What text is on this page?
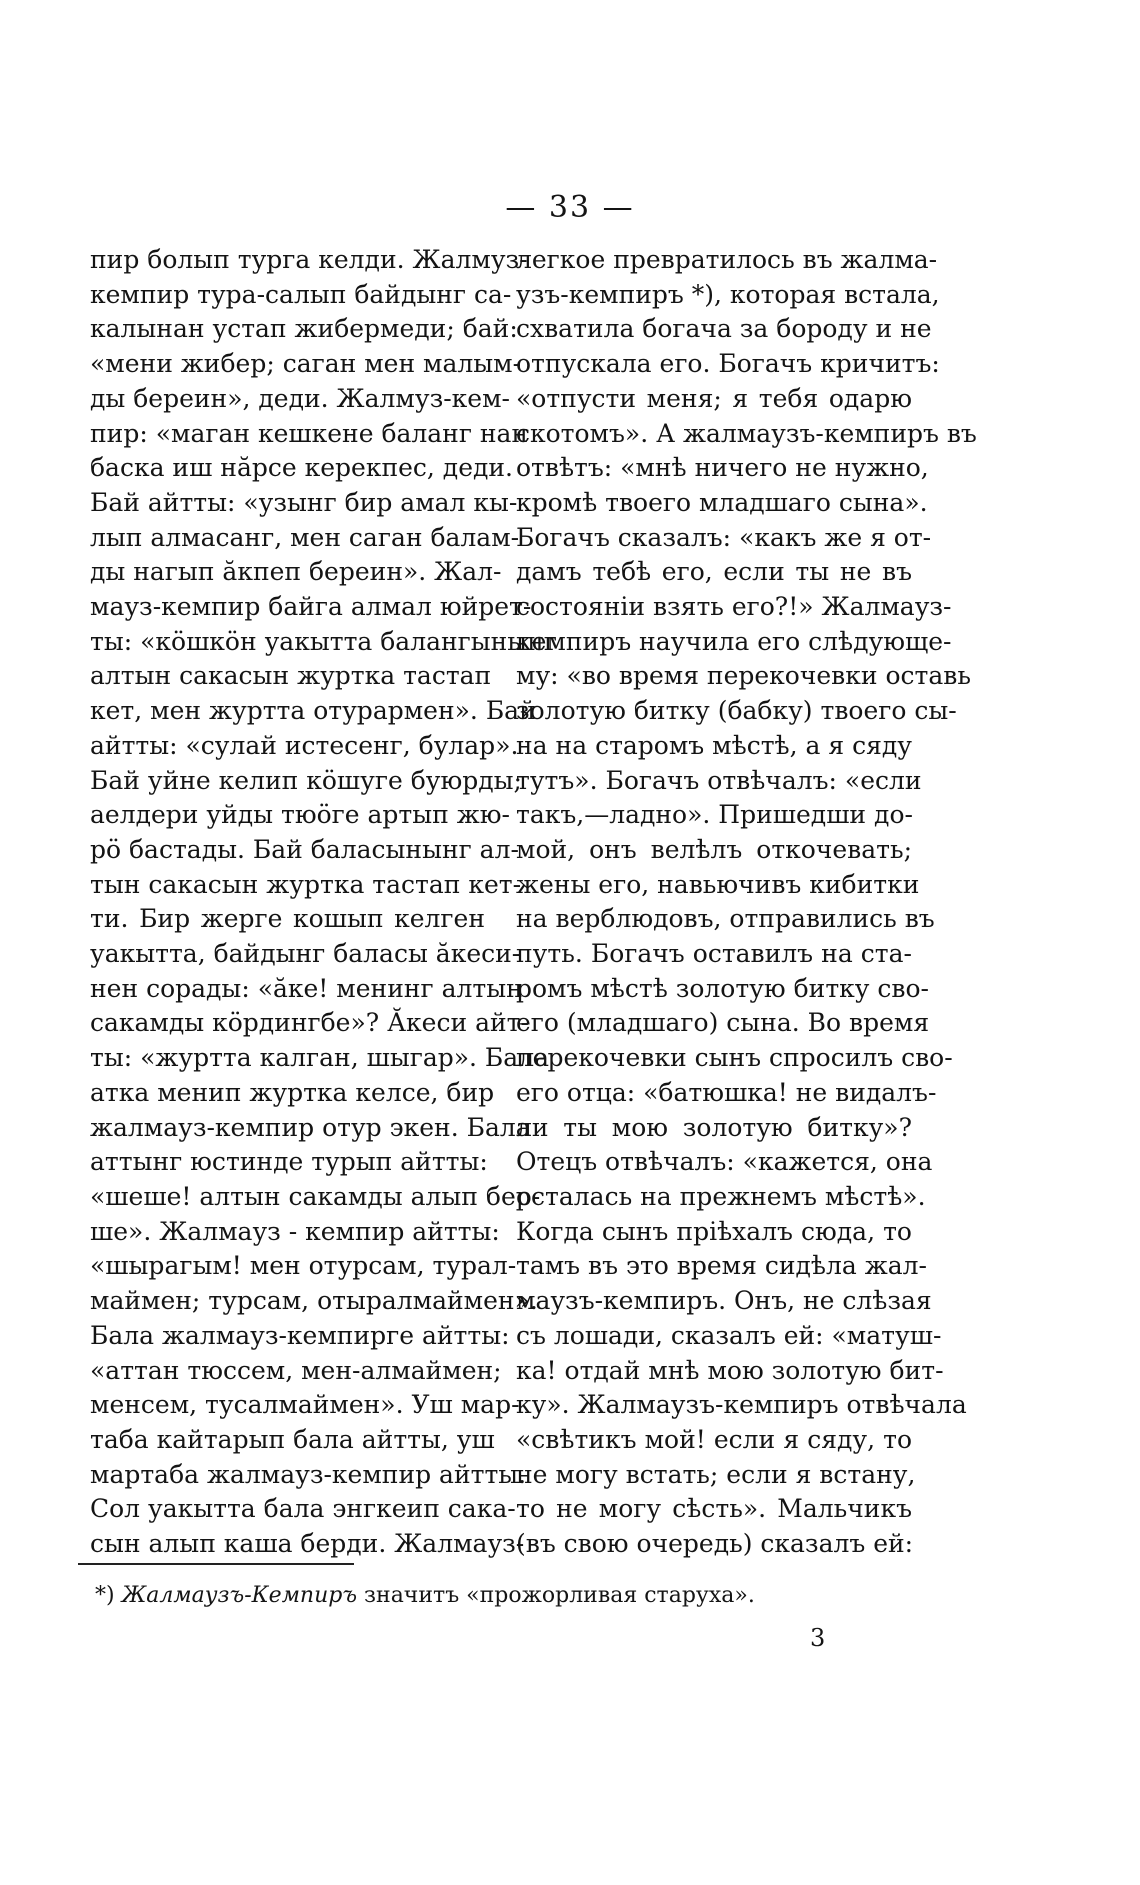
— 33 —
пир болып турга келди. Жалмуз-
кемпир тура-салып байдынг са-
калынан устап жибермеди; бай:
«мени жибер; саган мен малым-
ды береин», деди. Жалмуз-кем-
пир: «маган кешкене баланг нан
баска иш нӑрсе керекпес, деди.
Бай айтты: «узынг бир амал кы-
лып алмасанг, мен саган балам-
ды нагып ӑкпеп береин». Жал-
мауз-кемпир байга алмал юйрет-
ты: «кӧшкӧн уакытта балангынынг
алтын сакасын журтка тастап
кет, мен журтта отурармен». Бай
айтты: «сулай истесенг, булар».
Бай уйне келип кӧшуге буюрды;
аелдери уйды тюӧге артып жю-
рӧ бастады. Бай баласынынг ал-
тын сакасын журтка тастап кет-
ти. Бир жерге кошып келген
уакытта, байдынг баласы ӑкеси-
нен сорады: «ӑке! менинг алтын
сакамды кӧрдингбе»? Ӑкеси айт-
ты: «журтта калган, шыгар». Бала
атка менип журтка келсе, бир
жалмауз-кемпир отур экен. Бала
аттынг юстинде турып айтты:
«шеше! алтын сакамды алып бер-
ше». Жалмауз - кемпир айтты:
«шырагым! мен отурсам, турал-
маймен; турсам, отыралмаймен».
Бала жалмауз-кемпирге айтты:
«аттан тюссем, мен-алмаймен;
менсем, тусалмаймен». Уш мар-
таба кайтарып бала айтты, уш
мартаба жалмауз-кемпир айтты.
Сол уакытта бала энгкеип сака-
сын алып каша берди. Жалмауз-
легкое превратилось въ жалма-
узъ-кемпиръ *), которая встала,
схватила богача за бороду и не
отпускала его. Богачъ кричитъ:
«отпусти меня; я тебя одарю
скотомъ». А жалмаузъ-кемпиръ въ
отвѣтъ: «мнѣ ничего не нужно,
кромѣ твоего младшаго сына».
Богачъ сказалъ: «какъ же я от-
дамъ тебѣ его, если ты не въ
состояніи взять его?!» Жалмауз-
кемпиръ научила его слѣдующе-
му: «во время перекочевки оставь
золотую битку (бабку) твоего сы-
на на старомъ мѣстѣ, а я сяду
тутъ». Богачъ отвѣчалъ: «если
такъ,—ладно». Пришедши до-
мой, онъ велѣлъ откочевать;
жены его, навьючивъ кибитки
на верблюдовъ, отправились въ
путь. Богачъ оставилъ на ста-
ромъ мѣстѣ золотую битку сво-
его (младшаго) сына. Во время
перекочевки сынъ спросилъ сво-
его отца: «батюшка! не видалъ-
ли ты мою золотую битку»?
Отецъ отвѣчалъ: «кажется, она
осталась на прежнемъ мѣстѣ».
Когда сынъ пріѣхалъ сюда, то
тамъ въ это время сидѣла жал-
маузъ-кемпиръ. Онъ, не слѣзая
съ лошади, сказалъ ей: «матуш-
ка! отдай мнѣ мою золотую бит-
ку». Жалмаузъ-кемпиръ отвѣчала
«свѣтикъ мой! если я сяду, то
не могу встать; если я встану,
то не могу сѣсть». Мальчикъ
(въ свою очередь) сказалъ ей:
*) Жалмаузъ-Кемпиръ значитъ «прожорливая старуха».
3
